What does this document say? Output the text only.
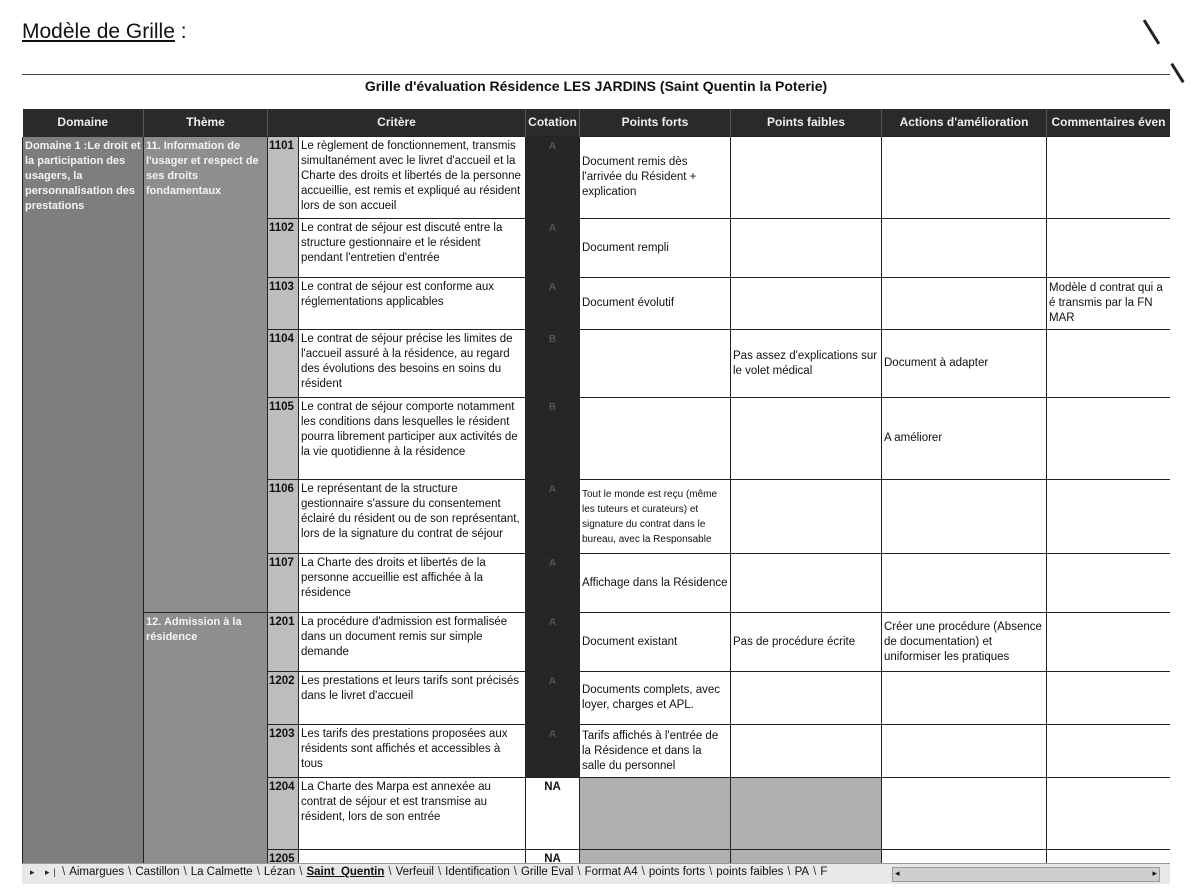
Modèle de Grille :
Grille d'évaluation Résidence LES JARDINS (Saint Quentin la Poterie)
Domaine	Thème	Critère		Cotation	Points forts	Points faibles	Actions d'amélioration	Commentaires éven
Domaine 1 :Le droit et la participation des usagers, la personnalisation des prestations	11. Information de l'usager et respect de ses droits fondamentaux	1101	Le règlement de fonctionnement, transmis simultanément avec le livret d'accueil et la Charte des droits et libertés de la personne accueillie, est remis et expliqué au résident lors de son accueil	A	Document remis dès l'arrivée du Résident + explication			
		1102	Le contrat de séjour est discuté entre la structure gestionnaire et le résident pendant l'entretien d'entrée	A	Document rempli			
		1103	Le contrat de séjour est conforme aux réglementations applicables	A	Document évolutif			Modèle d contrat qui a é transmis par la FN MAR
		1104	Le contrat de séjour précise les limites de l'accueil assuré à la résidence, au regard des évolutions des besoins en soins du résident	B		Pas assez d'explications sur le volet médical	Document à adapter	
		1105	Le contrat de séjour comporte notamment les conditions dans lesquelles le résident pourra librement participer aux activités de la vie quotidienne à la résidence	B			A améliorer	
		1106	Le représentant de la structure gestionnaire s'assure du consentement éclairé du résident ou de son représentant, lors de la signature du contrat de séjour	A	Tout le monde est reçu (même les tuteurs et curateurs) et signature du contrat dans le bureau, avec la Responsable			
		1107	La Charte des droits et libertés de la personne accueillie est affichée à la résidence	A	Affichage dans la Résidence			
	12. Admission à la résidence	1201	La procédure d'admission est formalisée dans un document remis sur simple demande	A	Document existant	Pas de procédure écrite	Créer une procédure (Absence de documentation) et uniformiser les pratiques	
		1202	Les prestations et leurs tarifs sont précisés dans le livret d'accueil	A	Documents complets, avec loyer, charges et APL.			
		1203	Les tarifs des prestations proposées aux résidents sont affichés et accessibles à tous	A	Tarifs affichés à l'entrée de la Résidence et dans la salle du personnel			
		1204	La Charte des Marpa est annexée au contrat de séjour et est transmise au résident, lors de son entrée	NA				
		1205		NA				
▸ ▸| \ Aimargues \ Castillon \ La Calmette \ Lézan \ Saint_Quentin \ Verfeuil \ Identification \ Grille Eval \ Format A4 \ points forts \ points faibles \ PA \ F	◂	▸
